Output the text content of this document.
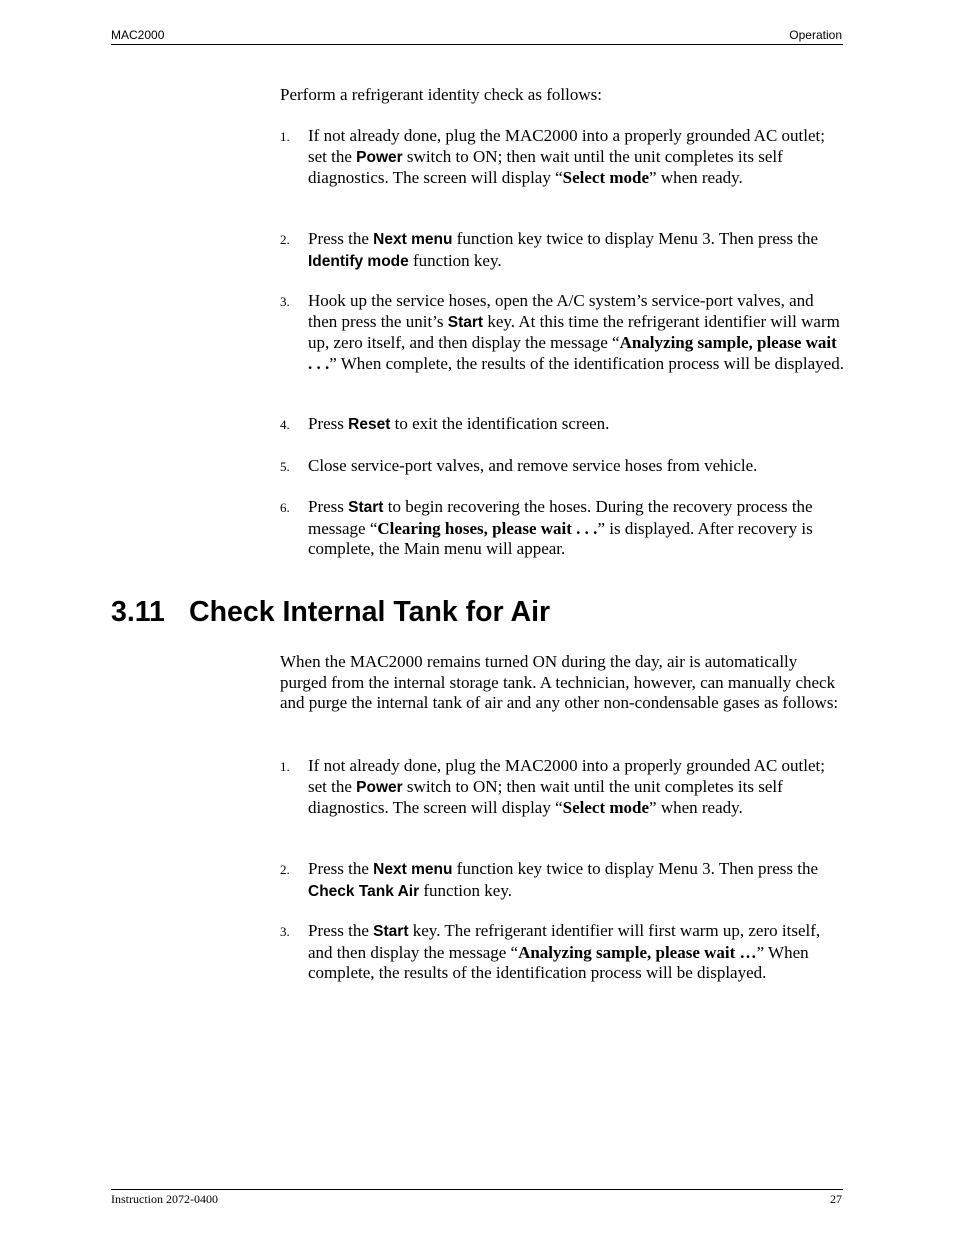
MAC2000	Operation
Perform a refrigerant identity check as follows:
1. If not already done, plug the MAC2000 into a properly grounded AC outlet; set the Power switch to ON; then wait until the unit completes its self diagnostics. The screen will display “Select mode” when ready.
2. Press the Next menu function key twice to display Menu 3. Then press the Identify mode function key.
3. Hook up the service hoses, open the A/C system’s service-port valves, and then press the unit’s Start key. At this time the refrigerant identifier will warm up, zero itself, and then display the message “Analyzing sample, please wait . . .” When complete, the results of the identification process will be displayed.
4. Press Reset to exit the identification screen.
5. Close service-port valves, and remove service hoses from vehicle.
6. Press Start to begin recovering the hoses. During the recovery process the message “Clearing hoses, please wait . . .” is displayed. After recovery is complete, the Main menu will appear.
3.11 Check Internal Tank for Air
When the MAC2000 remains turned ON during the day, air is automatically purged from the internal storage tank. A technician, however, can manually check and purge the internal tank of air and any other non-condensable gases as follows:
1. If not already done, plug the MAC2000 into a properly grounded AC outlet; set the Power switch to ON; then wait until the unit completes its self diagnostics. The screen will display “Select mode” when ready.
2. Press the Next menu function key twice to display Menu 3. Then press the Check Tank Air function key.
3. Press the Start key. The refrigerant identifier will first warm up, zero itself, and then display the message “Analyzing sample, please wait …” When complete, the results of the identification process will be displayed.
Instruction 2072-0400	27
